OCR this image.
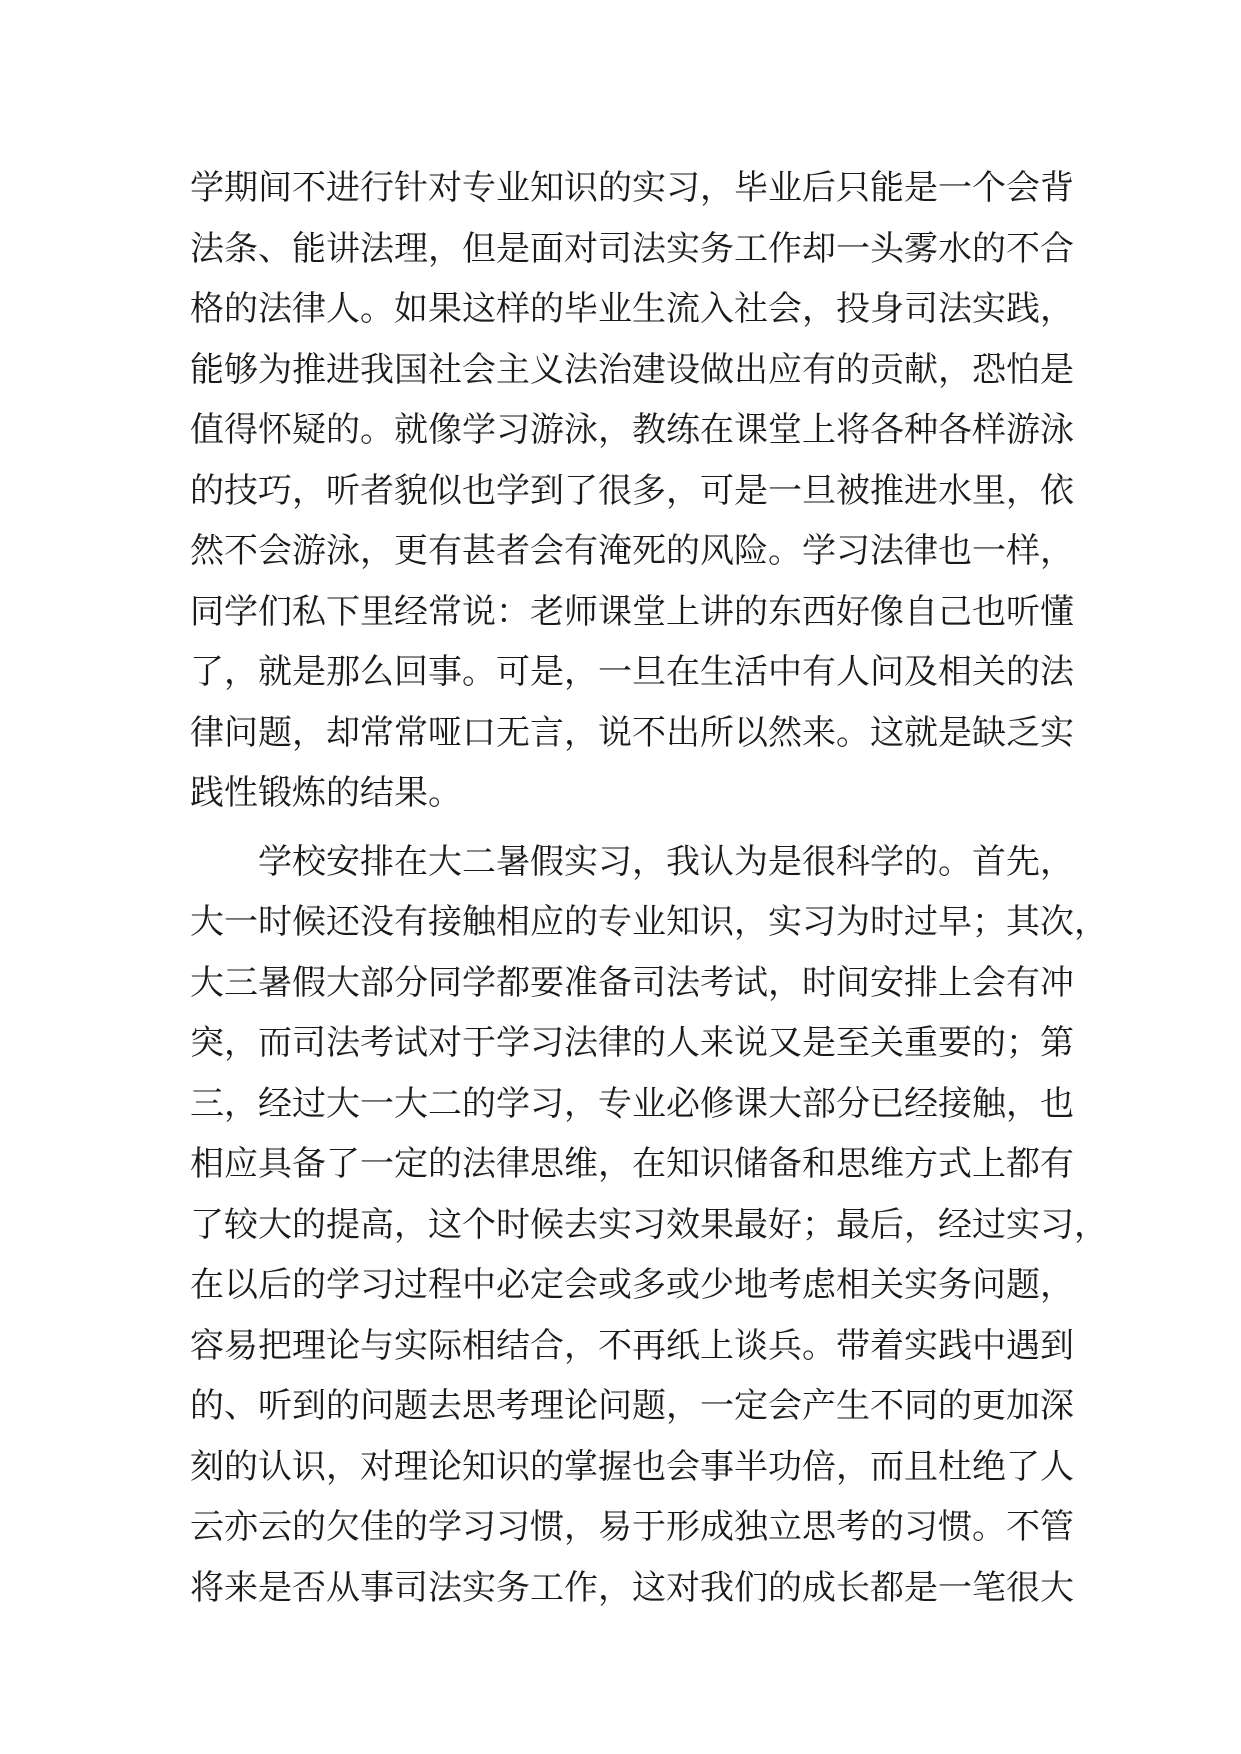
学期间不进行针对专业知识的实习，毕业后只能是一个会背
法条、能讲法理，但是面对司法实务工作却一头雾水的不合
格的法律人。如果这样的毕业生流入社会，投身司法实践，
能够为推进我国社会主义法治建设做出应有的贡献，恐怕是
值得怀疑的。就像学习游泳，教练在课堂上将各种各样游泳
的技巧，听者貌似也学到了很多，可是一旦被推进水里，依
然不会游泳，更有甚者会有淹死的风险。学习法律也一样，
同学们私下里经常说：老师课堂上讲的东西好像自己也听懂
了，就是那么回事。可是，一旦在生活中有人问及相关的法
律问题，却常常哑口无言，说不出所以然来。这就是缺乏实
践性锻炼的结果。
学校安排在大二暑假实习，我认为是很科学的。首先，
大一时候还没有接触相应的专业知识，实习为时过早；其次，
大三暑假大部分同学都要准备司法考试，时间安排上会有冲
突，而司法考试对于学习法律的人来说又是至关重要的；第
三，经过大一大二的学习，专业必修课大部分已经接触，也
相应具备了一定的法律思维，在知识储备和思维方式上都有
了较大的提高，这个时候去实习效果最好；最后，经过实习，
在以后的学习过程中必定会或多或少地考虑相关实务问题，
容易把理论与实际相结合，不再纸上谈兵。带着实践中遇到
的、听到的问题去思考理论问题，一定会产生不同的更加深
刻的认识，对理论知识的掌握也会事半功倍，而且杜绝了人
云亦云的欠佳的学习习惯，易于形成独立思考的习惯。不管
将来是否从事司法实务工作，这对我们的成长都是一笔很大
